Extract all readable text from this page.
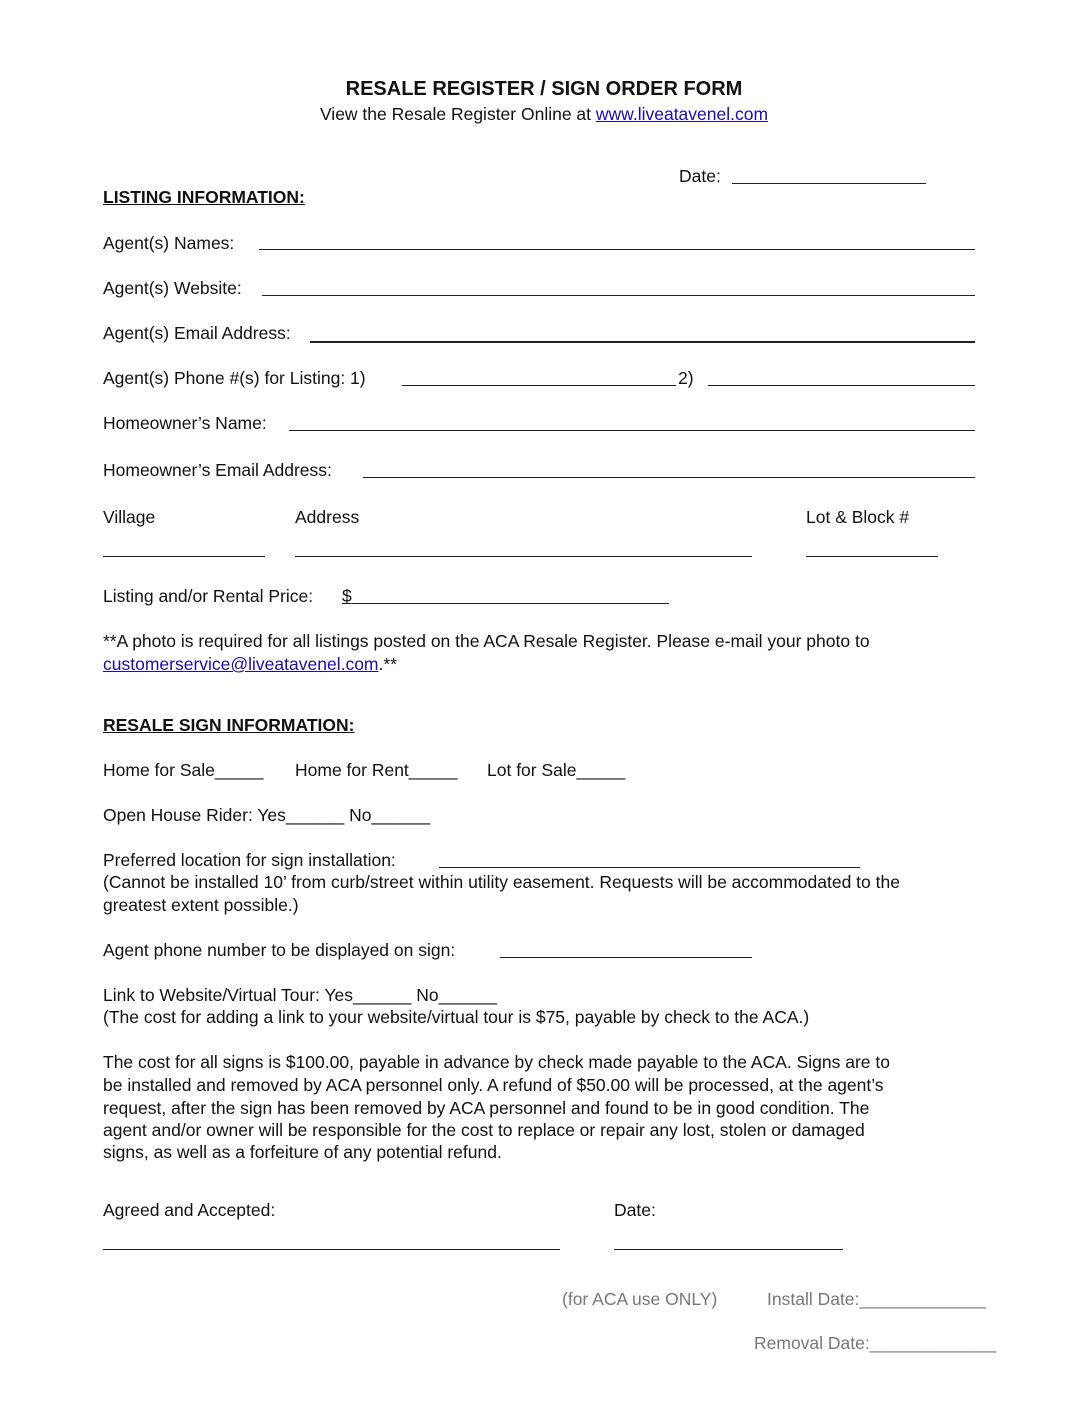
RESALE REGISTER / SIGN ORDER FORM
View the Resale Register Online at www.liveatavenel.com
Date:
LISTING INFORMATION:
Agent(s) Names:
Agent(s) Website:
Agent(s) Email Address:
Agent(s) Phone #(s) for Listing: 1)	2)
Homeowner’s Name:
Homeowner’s Email Address:
Village	Address	Lot & Block #
Listing and/or Rental Price: $
**A photo is required for all listings posted on the ACA Resale Register. Please e-mail your photo to
customerservice@liveatavenel.com.**
RESALE SIGN INFORMATION:
Home for Sale_____ Home for Rent_____ Lot for Sale_____
Open House Rider: Yes______ No______
Preferred location for sign installation:
(Cannot be installed 10’ from curb/street within utility easement. Requests will be accommodated to the
greatest extent possible.)
Agent phone number to be displayed on sign:
Link to Website/Virtual Tour: Yes______ No______
(The cost for adding a link to your website/virtual tour is $75, payable by check to the ACA.)
The cost for all signs is $100.00, payable in advance by check made payable to the ACA. Signs are to
be installed and removed by ACA personnel only. A refund of $50.00 will be processed, at the agent’s
request, after the sign has been removed by ACA personnel and found to be in good condition. The
agent and/or owner will be responsible for the cost to replace or repair any lost, stolen or damaged
signs, as well as a forfeiture of any potential refund.
Agreed and Accepted:	Date:
(for ACA use ONLY)	Install Date:_____________
Removal Date:_____________
